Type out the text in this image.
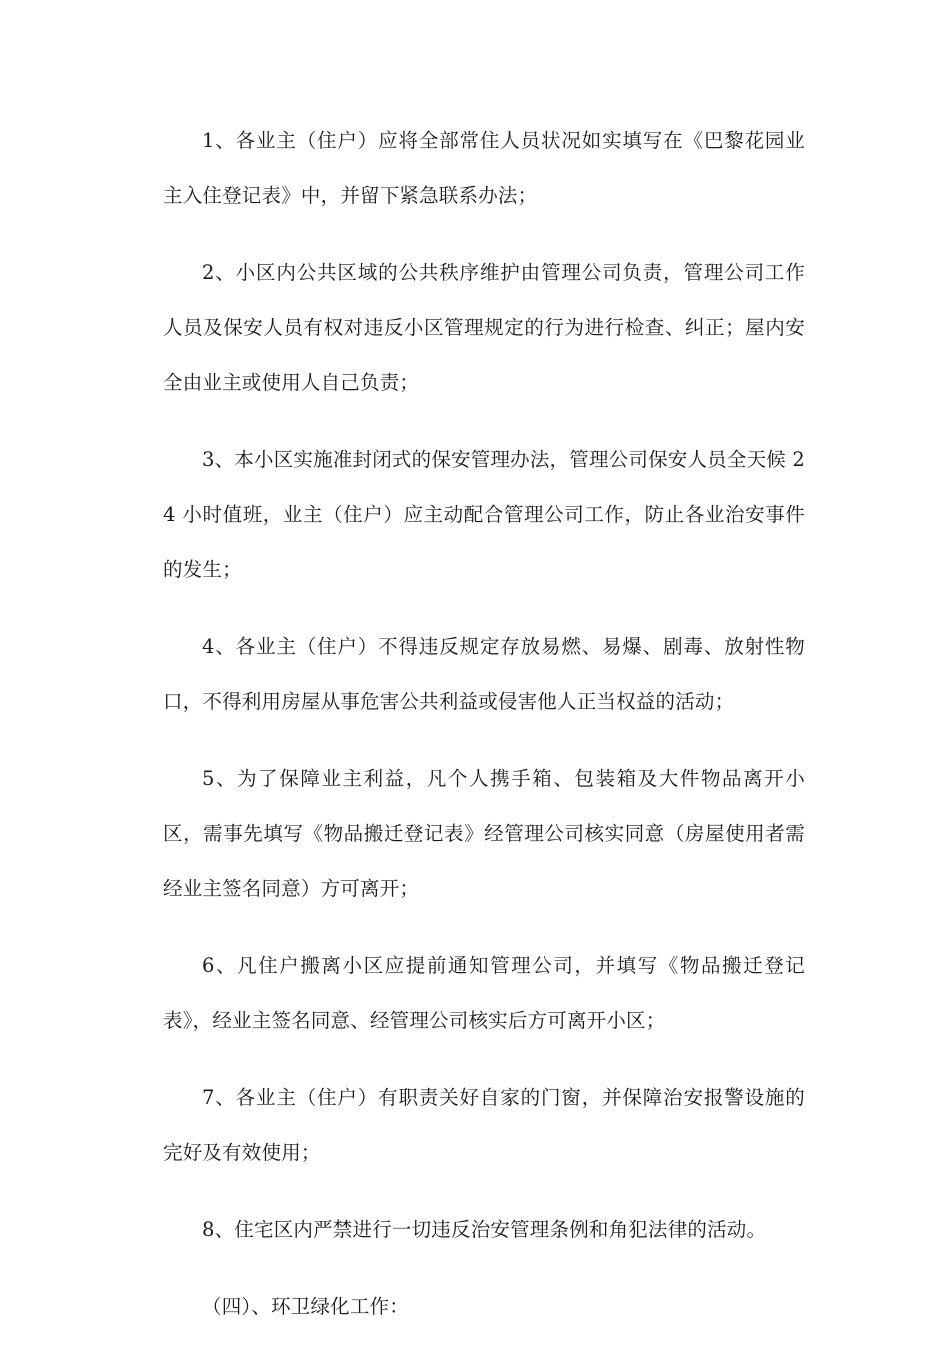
1、各业主（住户）应将全部常住人员状况如实填写在《巴黎花园业主入住登记表》中，并留下紧急联系办法；

2、小区内公共区域的公共秩序维护由管理公司负责，管理公司工作人员及保安人员有权对违反小区管理规定的行为进行检查、纠正；屋内安全由业主或使用人自己负责；

3、本小区实施准封闭式的保安管理办法，管理公司保安人员全天候 24 小时值班，业主（住户）应主动配合管理公司工作，防止各业治安事件的发生；

4、各业主（住户）不得违反规定存放易燃、易爆、剧毒、放射性物口，不得利用房屋从事危害公共利益或侵害他人正当权益的活动；

5、为了保障业主利益，凡个人携手箱、包装箱及大件物品离开小区，需事先填写《物品搬迁登记表》经管理公司核实同意（房屋使用者需经业主签名同意）方可离开；

6、凡住户搬离小区应提前通知管理公司，并填写《物品搬迁登记表》，经业主签名同意、经管理公司核实后方可离开小区；

7、各业主（住户）有职责关好自家的门窗，并保障治安报警设施的完好及有效使用；

8、住宅区内严禁进行一切违反治安管理条例和角犯法律的活动。

（四）、环卫绿化工作：
